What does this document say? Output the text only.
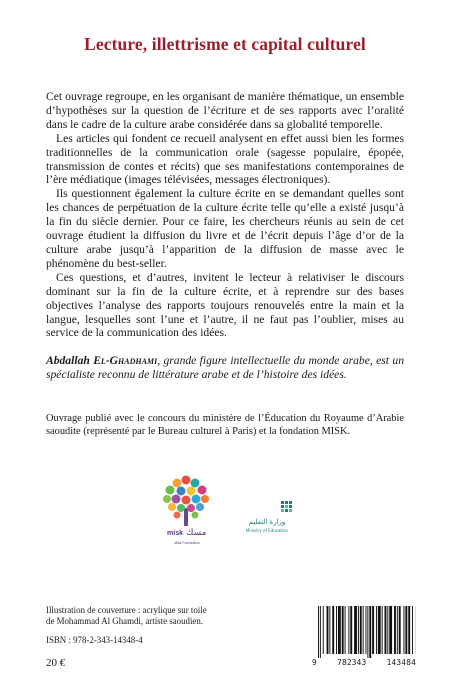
Lecture, illettrisme et capital culturel

Cet ouvrage regroupe, en les organisant de manière thématique, un ensemble d’hypothèses sur la question de l’écriture et de ses rapports avec l’oralité dans le cadre de la culture arabe considérée dans sa globalité temporelle.

Les articles qui fondent ce recueil analysent en effet aussi bien les formes traditionnelles de la communication orale (sagesse populaire, épopée, transmission de contes et récits) que ses manifestations contemporaines de l’ère médiatique (images télévisées, messages électroniques).

Ils questionnent également la culture écrite en se demandant quelles sont les chances de perpétuation de la culture écrite telle qu’elle a existé jusqu’à la fin du siècle dernier. Pour ce faire, les chercheurs réunis au sein de cet ouvrage étudient la diffusion du livre et de l’écrit depuis l’âge d’or de la culture arabe jusqu’à l’apparition de la diffusion de masse avec le phénomène du best-seller.

Ces questions, et d’autres, invitent le lecteur à relativiser le discours dominant sur la fin de la culture écrite, et à reprendre sur des bases objectives l’analyse des rapports toujours renouvelés entre la main et la langue, lesquelles sont l’une et l’autre, il ne faut pas l’oublier, mises au service de la communication des idées.

Abdallah El-Ghadhami, grande figure intellectuelle du monde arabe, est un spécialiste reconnu de littérature arabe et de l’histoire des idées.
Ouvrage publié avec le concours du ministère de l’Éducation du Royaume d’Arabie saoudite (représenté par le Bureau culturel à Paris) et la fondation MISK.
misk مسك
Misk Foundation
وزارة التعليم
Ministry of Education
Illustration de couverture : acrylique sur toile
de Mohammad Al Ghamdi, artiste saoudien.
ISBN : 978-2-343-14348-4
20 €	9	782343	143484
